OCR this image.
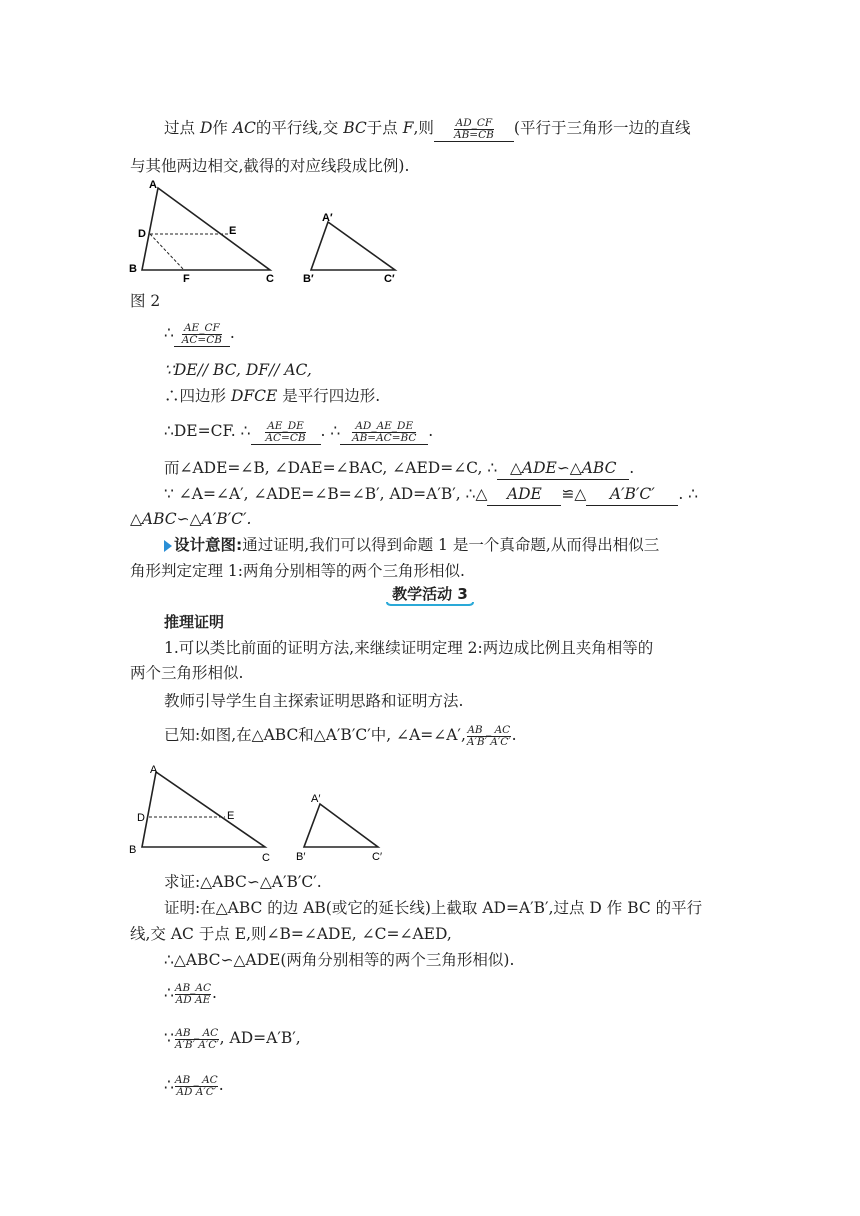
过点 D作 AC的平行线,交 BC于点 F,则 $\frac{AD\_CF}{AB=CB}$ (平行于三角形一边的直线
与其他两边相交,截得的对应线段成比例).
A
D	E
B
F	C
A′
B′	C′
图 2
∴ $\frac{AE\_CF}{AC=CB}$ .
∵DE// BC, DF// AC,
∴四边形 DFCE 是平行四边形.
∴DE=CF. ∴ $\frac{AE\_DE}{AC=CB}$ . ∴ $\frac{AD\_AE\_DE}{AB=AC=BC}$ .
而∠ADE=∠B, ∠DAE=∠BAC, ∠AED=∠C, ∴ △ADE∽△ABC .
∵ ∠A=∠A′, ∠ADE=∠B=∠B′, AD=A′B′, ∴△ ADE ≌△ A′B′C′ . ∴
△ABC∽△A′B′C′.
设计意图:通过证明,我们可以得到命题 1 是一个真命题,从而得出相似三
角形判定定理 1:两角分别相等的两个三角形相似.
教学活动 3
推理证明
1.可以类比前面的证明方法,来继续证明定理 2:两边成比例且夹角相等的
两个三角形相似.
教师引导学生自主探索证明思路和证明方法.
已知:如图,在△ABC和△A′B′C′中, ∠A=∠A′, $\frac{AB \_ AC}{A'B' A'C'}$ .
A
D	E
B
C
A′
B′	C′
求证:△ABC∽△A′B′C′.
证明:在△ABC 的边 AB(或它的延长线)上截取 AD=A′B′,过点 D 作 BC 的平行
线,交 AC 于点 E,则∠B=∠ADE, ∠C=∠AED,
∴△ABC∽△ADE(两角分别相等的两个三角形相似).
∴ $\frac{AB\_AC}{\text{AD AE}}$ .
∵ $\frac{AB \_ AC}{A'B' A'C'}$ , AD=A′B′,
∴ $\frac{AB \_ AC}{\text{AD A′C′}}$ .
